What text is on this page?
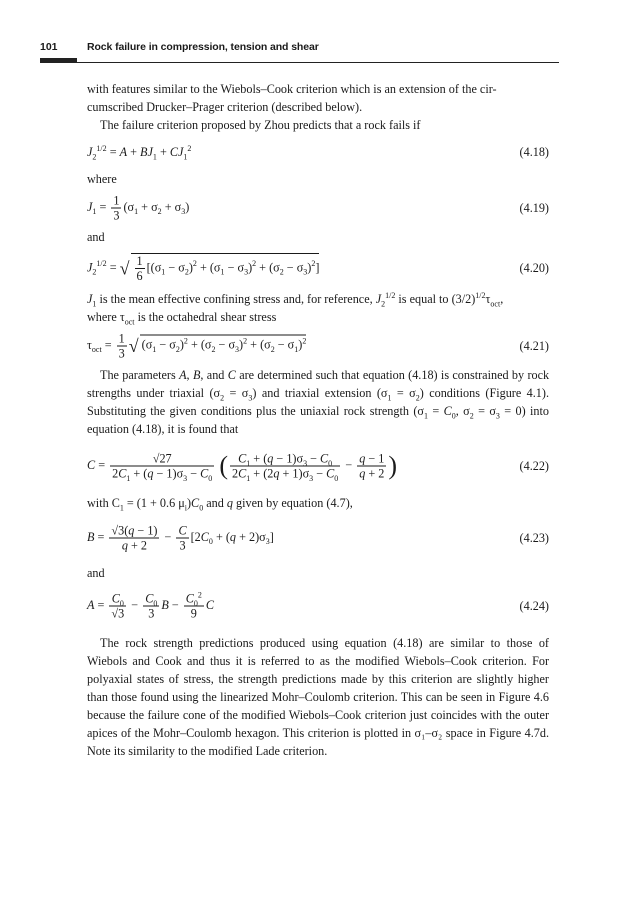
101	Rock failure in compression, tension and shear

with features similar to the Wiebols–Cook criterion which is an extension of the cir-
cumscribed Drucker–Prager criterion (described below).

The failure criterion proposed by Zhou predicts that a rock fails if

$J_2^{1/2} = A + BJ_1 + CJ_1^2$	(4.18)

where

$J_1 = \frac{1}{3} (\sigma_1 + \sigma_2 + \sigma_3)$	(4.19)

and

$J_2^{1/2}$ = √ $\frac{1}{6} [(\sigma_1 - \sigma_2)^2 + (\sigma_1 - \sigma_3)^2 + (\sigma_2 - \sigma_3)^2]$	(4.20)

$J_1$ is the mean effective confining stress and, for reference, $J_2^{1/2}$ is equal to $(3/2)^{1/2}\tau_{oct}$,
where $\tau_{oct}$ is the octahedral shear stress

$\tau_{oct} = \frac{1}{3}$ √ $(\sigma_1 - \sigma_2)^2 + (\sigma_2 - \sigma_3)^2 + (\sigma_2 - \sigma_1)^2$	(4.21)

The parameters A, B, and C are determined such that equation (4.18) is constrained by rock strengths under triaxial $(\sigma_2 = \sigma_3)$ and triaxial extension $(\sigma_1 = \sigma_2)$ conditions (Figure 4.1). Substituting the given conditions plus the uniaxial rock strength ($\sigma_1 = C_0$, $\sigma_2 = \sigma_3 = 0$) into equation (4.18), it is found that

$C = \frac{√27}{2C_1 + (q - 1)\sigma_3 - C_0}$ ( $\frac{C_1 + (q - 1)\sigma_3 - C_0}{2C_1 + (2q + 1)\sigma_3 - C_0} - \frac{q - 1}{q + 2}$ )	(4.22)

with $C_1 = (1 + 0.6$ $\mu_i)C_0$ and q given by equation (4.7),

$B = \frac{√3(q - 1)}{q + 2} - \frac{C}{3} [2C_0 + (q + 2)\sigma_3]$	(4.23)

and

$A = \frac{C_0}{√3} - \frac{C_0}{3}$ $B - \frac{C_0^2}{9}$ C	(4.24)

The rock strength predictions produced using equation (4.18) are similar to those of Wiebols and Cook and thus it is referred to as the modified Wiebols–Cook criterion. For polyaxial states of stress, the strength predictions made by this criterion are slightly higher than those found using the linearized Mohr–Coulomb criterion. This can be seen in Figure 4.6 because the failure cone of the modified Wiebols–Cook criterion just coincides with the outer apices of the Mohr–Coulomb hexagon. This criterion is plotted in σ₁–σ₂ space in Figure 4.7d. Note its similarity to the modified Lade criterion.
